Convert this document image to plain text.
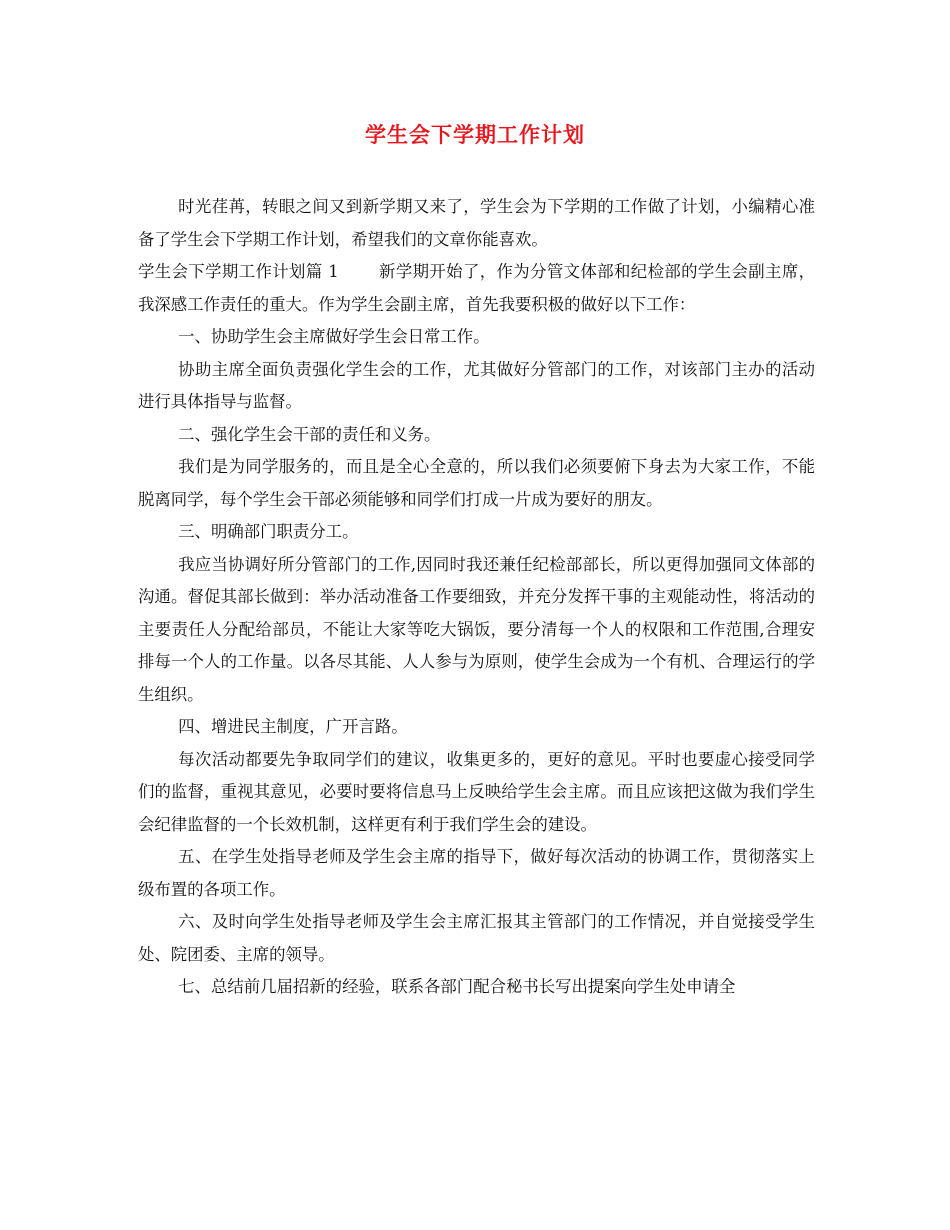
学生会下学期工作计划

时光荏苒，转眼之间又到新学期又来了，学生会为下学期的工作做了计划，小编精心准备了学生会下学期工作计划，希望我们的文章你能喜欢。

学生会下学期工作计划篇 1 新学期开始了，作为分管文体部和纪检部的学生会副主席，我深感工作责任的重大。作为学生会副主席，首先我要积极的做好以下工作：

一、协助学生会主席做好学生会日常工作。

协助主席全面负责强化学生会的工作，尤其做好分管部门的工作，对该部门主办的活动进行具体指导与监督。

二、强化学生会干部的责任和义务。

我们是为同学服务的，而且是全心全意的，所以我们必须要俯下身去为大家工作，不能脱离同学，每个学生会干部必须能够和同学们打成一片成为要好的朋友。

三、明确部门职责分工。

我应当协调好所分管部门的工作,因同时我还兼任纪检部部长，所以更得加强同文体部的沟通。督促其部长做到：举办活动准备工作要细致，并充分发挥干事的主观能动性，将活动的主要责任人分配给部员，不能让大家等吃大锅饭，要分清每一个人的权限和工作范围,合理安排每一个人的工作量。以各尽其能、人人参与为原则，使学生会成为一个有机、合理运行的学生组织。

四、增进民主制度，广开言路。

每次活动都要先争取同学们的建议，收集更多的，更好的意见。平时也要虚心接受同学们的监督，重视其意见，必要时要将信息马上反映给学生会主席。而且应该把这做为我们学生会纪律监督的一个长效机制，这样更有利于我们学生会的建设。

五、在学生处指导老师及学生会主席的指导下，做好每次活动的协调工作，贯彻落实上级布置的各项工作。

六、及时向学生处指导老师及学生会主席汇报其主管部门的工作情况，并自觉接受学生处、院团委、主席的领导。

七、总结前几届招新的经验，联系各部门配合秘书长写出提案向学生处申请全
